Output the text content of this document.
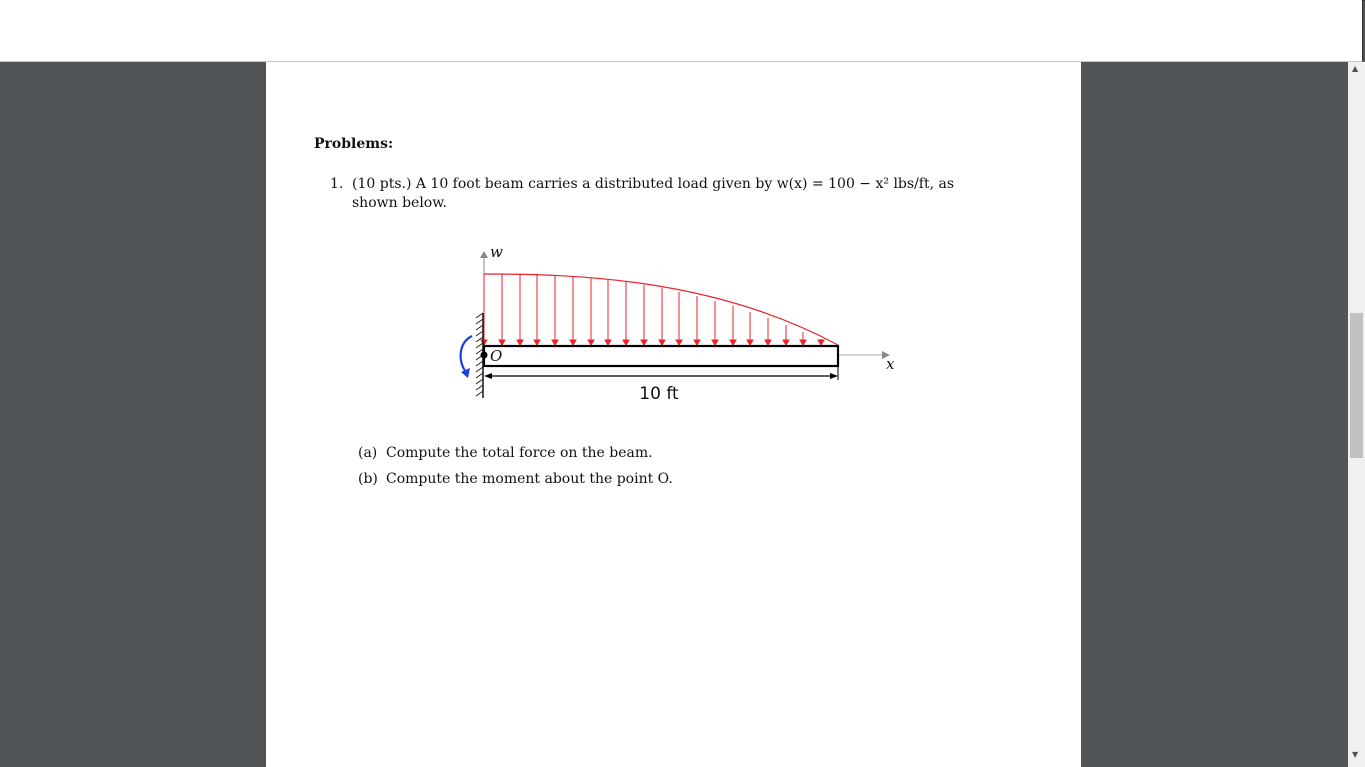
Problems:
1. (10 pts.) A 10 foot beam carries a distributed load given by w(x) = 100 − x² lbs/ft, as shown below.
w
x
O
10 ft
(a) Compute the total force on the beam.
(b) Compute the moment about the point O.
▲
▼
